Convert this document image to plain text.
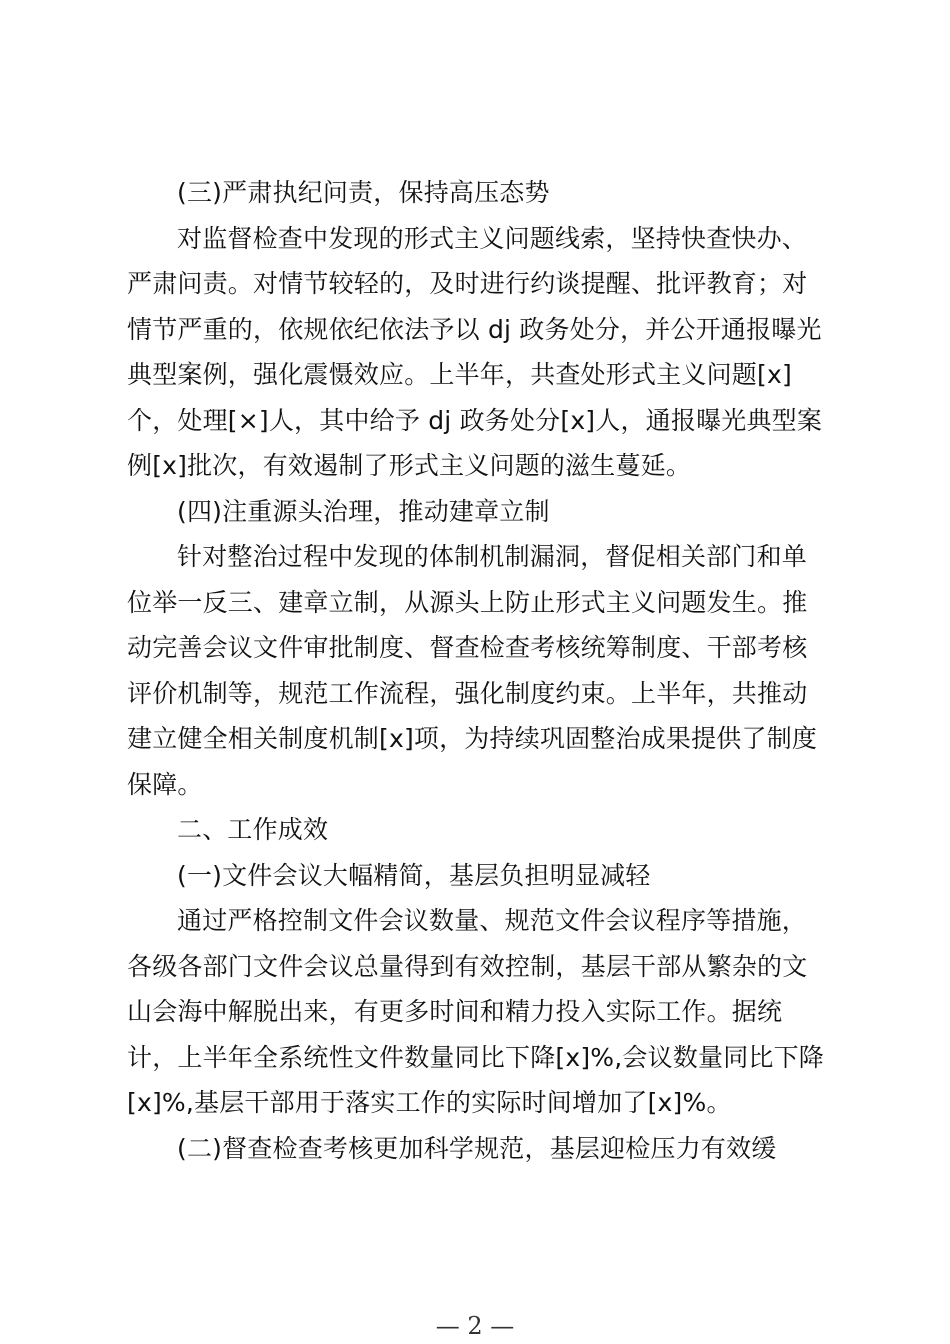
(三)严肃执纪问责，保持高压态势
对监督检查中发现的形式主义问题线索，坚持快查快办、
严肃问责。对情节较轻的，及时进行约谈提醒、批评教育；对
情节严重的，依规依纪依法予以 dj 政务处分，并公开通报曝光
典型案例，强化震慑效应。上半年，共查处形式主义问题[x]
个，处理[×]人，其中给予 dj 政务处分[x]人，通报曝光典型案
例[x]批次，有效遏制了形式主义问题的滋生蔓延。
(四)注重源头治理，推动建章立制
针对整治过程中发现的体制机制漏洞，督促相关部门和单
位举一反三、建章立制，从源头上防止形式主义问题发生。推
动完善会议文件审批制度、督查检查考核统筹制度、干部考核
评价机制等，规范工作流程，强化制度约束。上半年，共推动
建立健全相关制度机制[x]项，为持续巩固整治成果提供了制度
保障。
二、工作成效
(一)文件会议大幅精简，基层负担明显减轻
通过严格控制文件会议数量、规范文件会议程序等措施，
各级各部门文件会议总量得到有效控制，基层干部从繁杂的文
山会海中解脱出来，有更多时间和精力投入实际工作。据统
计，上半年全系统性文件数量同比下降[x]%,会议数量同比下降
[x]%,基层干部用于落实工作的实际时间增加了[x]%。
(二)督查检查考核更加科学规范，基层迎检压力有效缓
— 2 —
